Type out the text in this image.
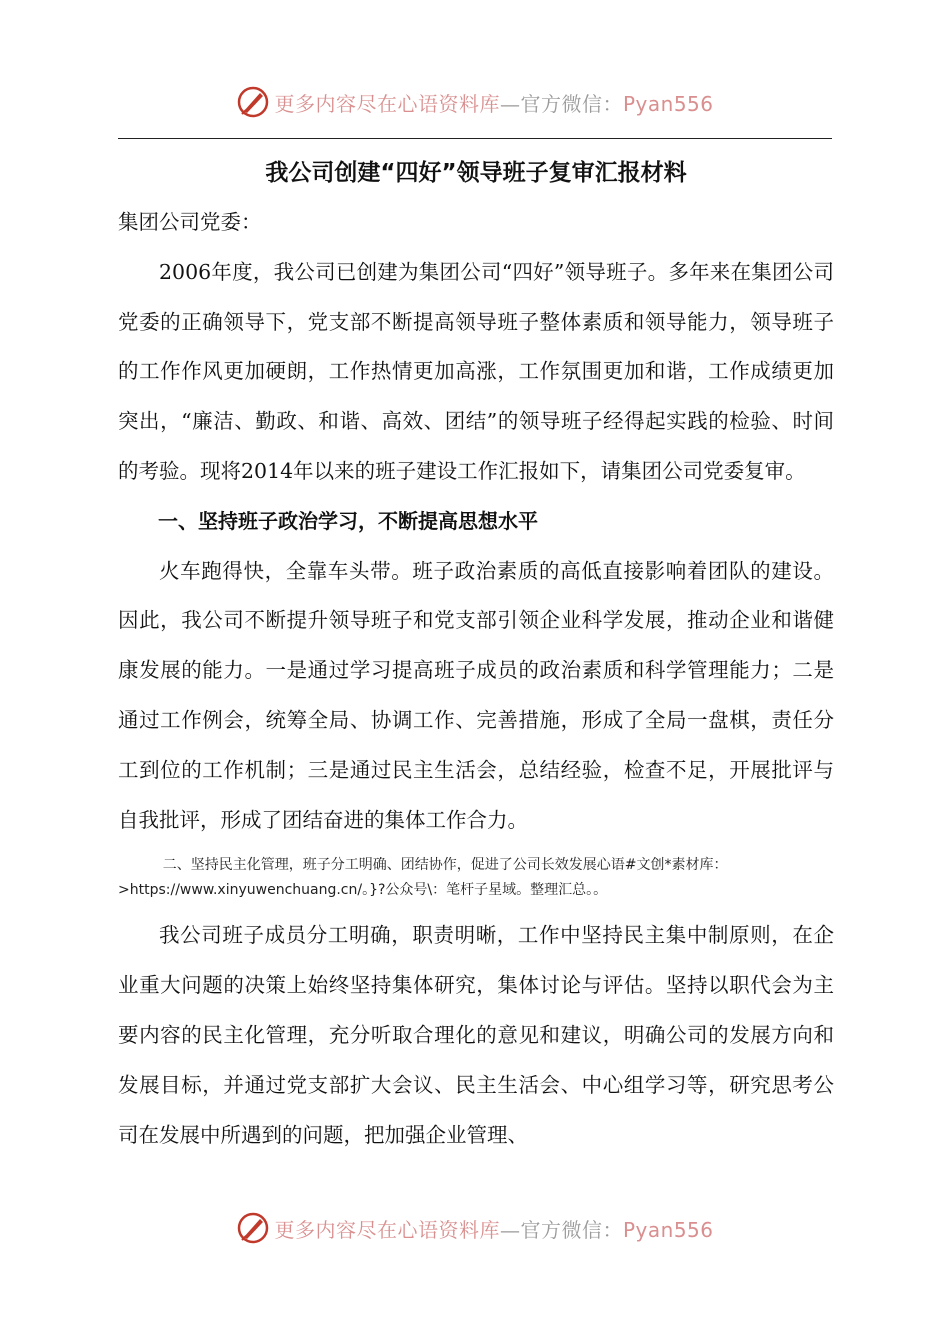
更多内容尽在心语资料库—官方微信：Pyan556
我公司创建“四好”领导班子复审汇报材料

集团公司党委：

2006年度，我公司已创建为集团公司“四好”领导班子。多年来在集团公司党委的正确领导下，党支部不断提高领导班子整体素质和领导能力，领导班子的工作作风更加硬朗，工作热情更加高涨，工作氛围更加和谐，工作成绩更加突出，“廉洁、勤政、和谐、高效、团结”的领导班子经得起实践的检验、时间的考验。现将2014年以来的班子建设工作汇报如下，请集团公司党委复审。

一、坚持班子政治学习，不断提高思想水平

火车跑得快，全靠车头带。班子政治素质的高低直接影响着团队的建设。因此，我公司不断提升领导班子和党支部引领企业科学发展，推动企业和谐健康发展的能力。一是通过学习提高班子成员的政治素质和科学管理能力；二是通过工作例会，统筹全局、协调工作、完善措施，形成了全局一盘棋，责任分工到位的工作机制；三是通过民主生活会，总结经验，检查不足，开展批评与自我批评，形成了团结奋进的集体工作合力。

二、坚持民主化管理，班子分工明确、团结协作，促进了公司长效发展心语#文创*素材库：
>https://www.xinyuwenchuang.cn/。}?公众号\：笔杆子星域。整理汇总。。

我公司班子成员分工明确，职责明晰，工作中坚持民主集中制原则，在企业重大问题的决策上始终坚持集体研究，集体讨论与评估。坚持以职代会为主要内容的民主化管理，充分听取合理化的意见和建议，明确公司的发展方向和发展目标，并通过党支部扩大会议、民主生活会、中心组学习等，研究思考公司在发展中所遇到的问题，把加强企业管理、

更多内容尽在心语资料库—官方微信：Pyan556
